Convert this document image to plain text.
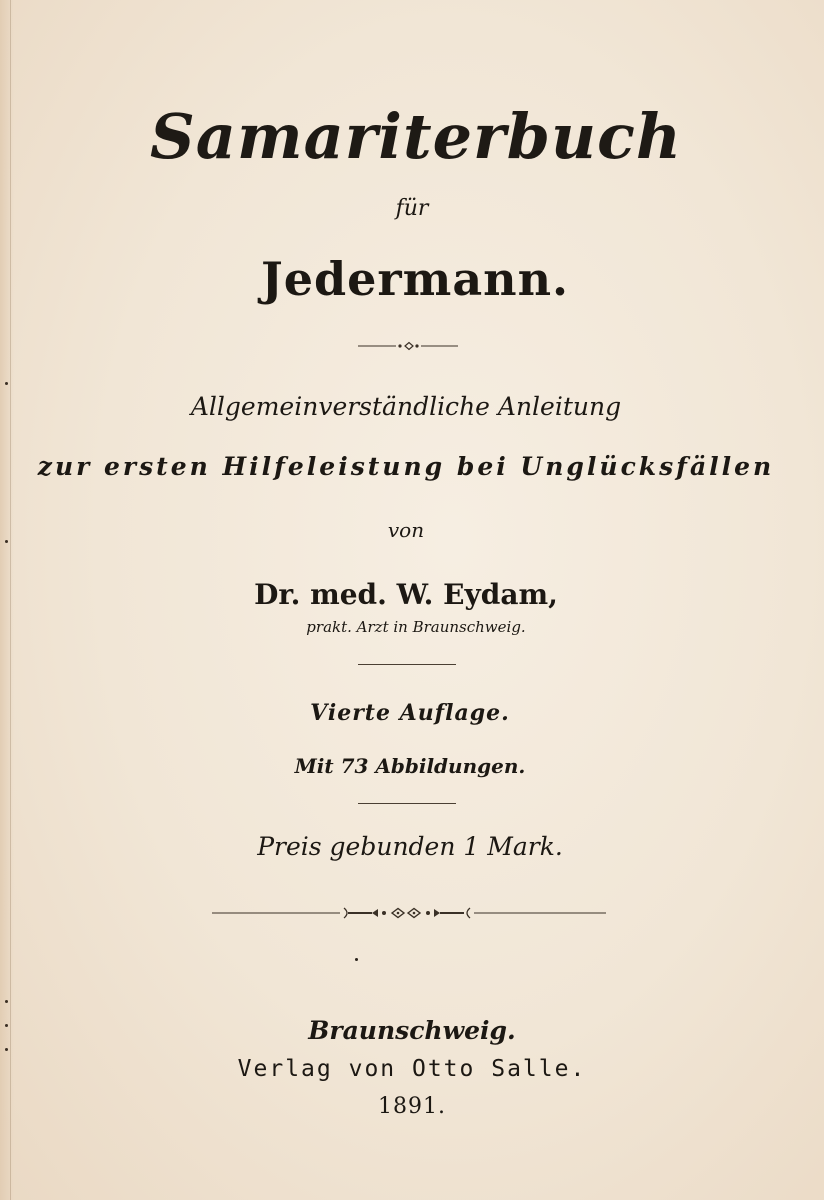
Samariterbuch
für
Jedermann.
Allgemeinverständliche Anleitung
zur ersten Hilfeleistung bei Unglücksfällen
von
Dr. med. W. Eydam,
prakt. Arzt in Braunschweig.
Vierte Auflage.
Mit 73 Abbildungen.
Preis gebunden 1 Mark.
Braunschweig.
Verlag von Otto Salle.
1891.
